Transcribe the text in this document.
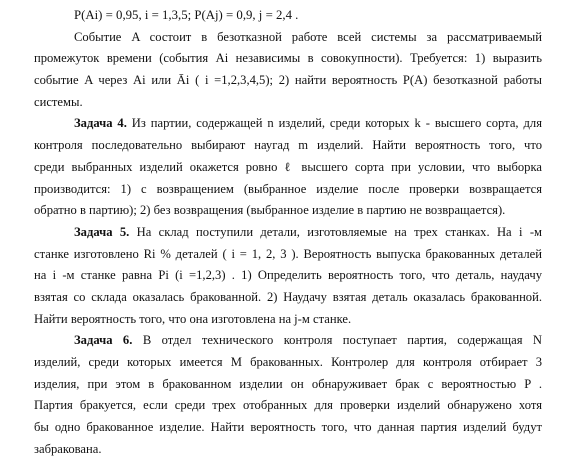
P(Ai) = 0,95, i = 1,3,5; P(Aj) = 0,9, j = 2,4 .
Событие A состоит в безотказной работе всей системы за рассматриваемый
промежуток времени (события Ai независимы в совокупности). Требуется: 1) выразить
событие A через Ai или Āi ( i =1,2,3,4,5); 2) найти вероятность P(A) безотказной работы
системы.
Задача 4. Из партии, содержащей n изделий, среди которых k - высшего сорта, для
контроля последовательно выбирают наугад m изделий. Найти вероятность того, что
среди выбранных изделий окажется ровно ℓ высшего сорта при условии, что выборка
производится: 1) с возвращением (выбранное изделие после проверки возвращается
обратно в партию); 2) без возвращения (выбранное изделие в партию не возвращается).
Задача 5. На склад поступили детали, изготовляемые на трех станках. На i -м
станке изготовлено Ri % деталей ( i = 1, 2, 3 ). Вероятность выпуска бракованных деталей
на i -м станке равна Pi (i =1,2,3) . 1) Определить вероятность того, что деталь, наудачу
взятая со склада оказалась бракованной. 2) Наудачу взятая деталь оказалась бракованной.
Найти вероятность того, что она изготовлена на j-м станке.
Задача 6. В отдел технического контроля поступает партия, содержащая N
изделий, среди которых имеется M бракованных. Контролер для контроля отбирает 3
изделия, при этом в бракованном изделии он обнаруживает брак с вероятностью P .
Партия бракуется, если среди трех отобранных для проверки изделий обнаружено хотя
бы одно бракованное изделие. Найти вероятность того, что данная партия изделий будут
забракована.
